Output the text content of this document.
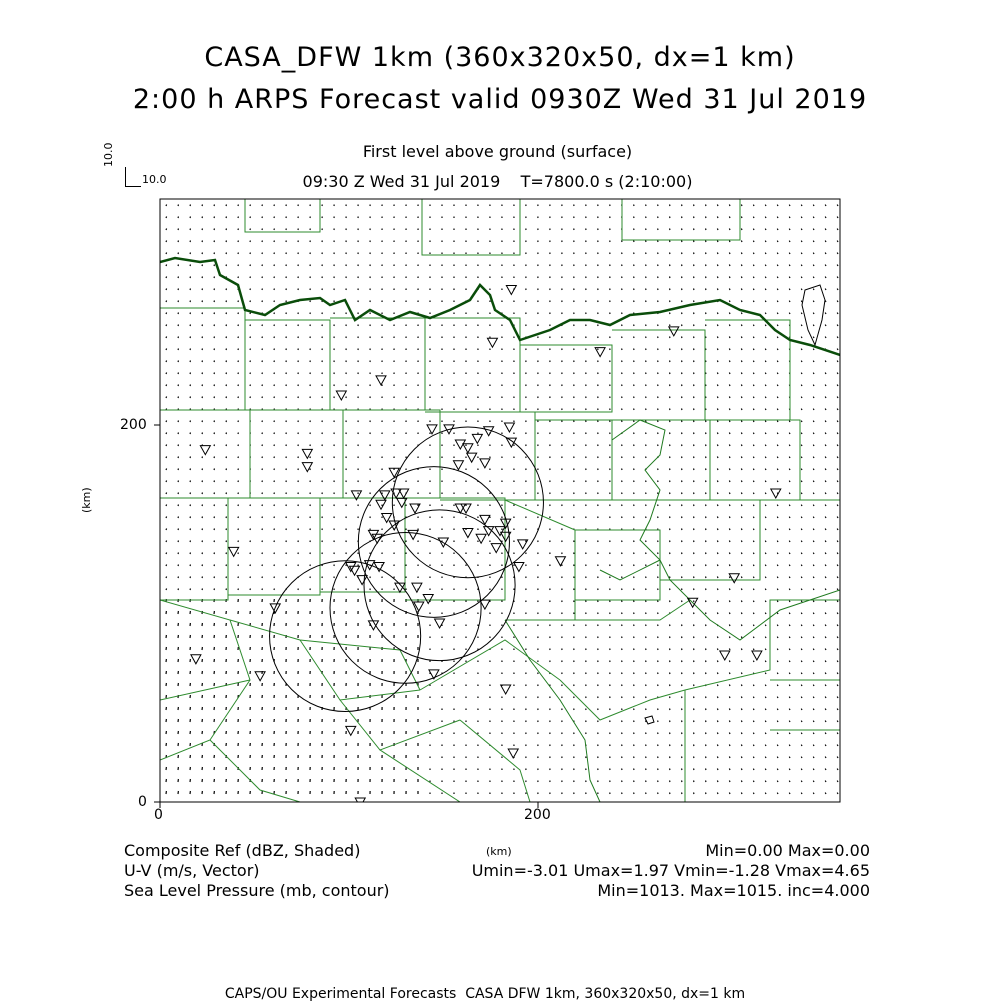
CASA_DFW 1km (360x320x50, dx=1 km)
2:00 h ARPS Forecast valid 0930Z Wed 31 Jul 2019
First level above ground (surface)
09:30 Z Wed 31 Jul 2019    T=7800.0 s (2:10:00)
10.0
10.0
0	200
0
200
(km)
(km)
Composite Ref (dBZ, Shaded)	Min=0.00 Max=0.00
U-V (m/s, Vector)	Umin=-3.01 Umax=1.97 Vmin=-1.28 Vmax=4.65
Sea Level Pressure (mb, contour)	Min=1013. Max=1015. inc=4.000
CAPS/OU Experimental Forecasts  CASA DFW 1km, 360x320x50, dx=1 km
